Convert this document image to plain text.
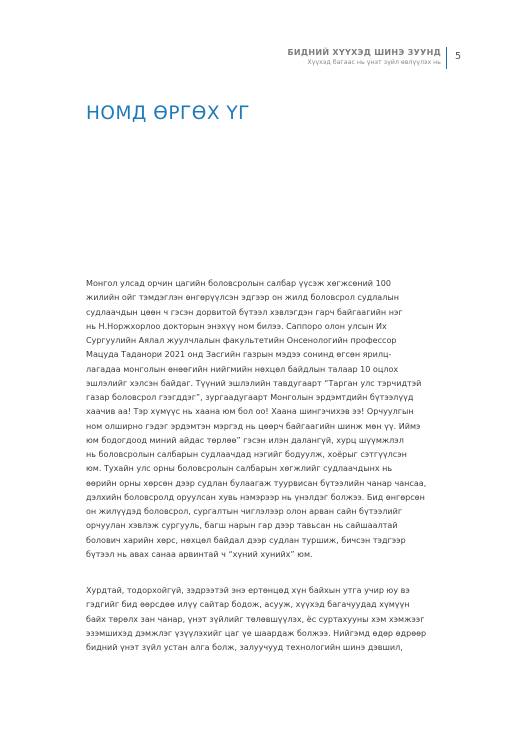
БИДНИЙ ХҮҮХЭД ШИНЭ ЗУУНД
Хүүхэд багаас нь үнэт зүйл өвлүүлэх нь
5
НОМД ӨРГӨХ ҮГ

Монгол улсад орчин цагийн боловсролын салбар үүсэж хөгжсөний 100
жилийн ойг тэмдэглэн өнгөрүүлсэн эдгээр он жилд боловсрол судлалын
судлаачдын цөөн ч гэсэн дорвитой бүтээл хэвлэгдэн гарч байгаагийн нэг
нь Н.Норжхорлоо докторын энэхүү ном билээ. Саппоро олон улсын Их
Сургуулийн Аялал жуулчлалын факультетийн Онсенологийн профессор
Мацуда Таданори 2021 онд Засгийн газрын мэдээ сонинд өгсөн ярилц-
лагадаа монголын өнөөгийн нийгмийн нөхцөл байдлын талаар 10 оцлох
эшлэлийг хэлсэн байдаг. Түүний эшлэлийн тавдугаарт “Тарган улс тэрчидтэй
газар боловсрол гээгддэг”, зургаадугаарт Монголын эрдэмтдийн бүтээлүүд
хаачив аа! Тэр хүмүүс нь хаана юм бол оо! Хаана шингэчихэв ээ! Орчуулгын
ном олширно гэдэг эрдэмтэн мэргэд нь цөөрч байгаагийн шинж мөн үү. Иймэ
юм бодогдоод миний айдас төрлөө” гэсэн илэн далангүй, хурц шүүмжлэл
нь боловсролын салбарын судлаачдад нэгийг бодуулж, хоёрыг сэтгүүлсэн
юм. Тухайн улс орны боловсролын салбарын хөгжлийг судлаачдынх нь
өөрийн орны хөрсөн дээр судлан булаагаж туурвисан бүтээлийн чанар чансаа,
дэлхийн боловсролд оруулсан хувь нэмэрээр нь үнэлдэг болжээ. Бид өнгөрсөн
он жилүүдэд боловсрол, сургалтын чиглэлээр олон арван сайн бүтээлийг
орчуулан хэвлэж сургууль, багш нарын гар дээр тавьсан нь сайшаалтай
болович харийн хөрс, нөхцөл байдал дээр судлан туршиж, бичсэн тэдгээр
бүтээл нь авах санаа арвинтай ч “хүний хунийх” юм.

Хурдтай, тодорхойгүй, зэдрээтэй энэ ертөнцөд хүн байхын утга учир юу вэ
гэдгийг бид өөрсдөө илүү сайтар бодож, асууж, хүүхэд багачуудад хүмүүн
байх төрөлх зан чанар, үнэт зүйлийг төлөвшүүлэх, ёс суртахууны хэм хэмжээг
эзэмшихэд дэмжлэг үзүүлэхийг цаг үе шаардаж болжээ. Нийгэмд өдөр өдрөөр
бидний үнэт зүйл устан алга болж, залуучууд технологийн шинэ дэвшил,
